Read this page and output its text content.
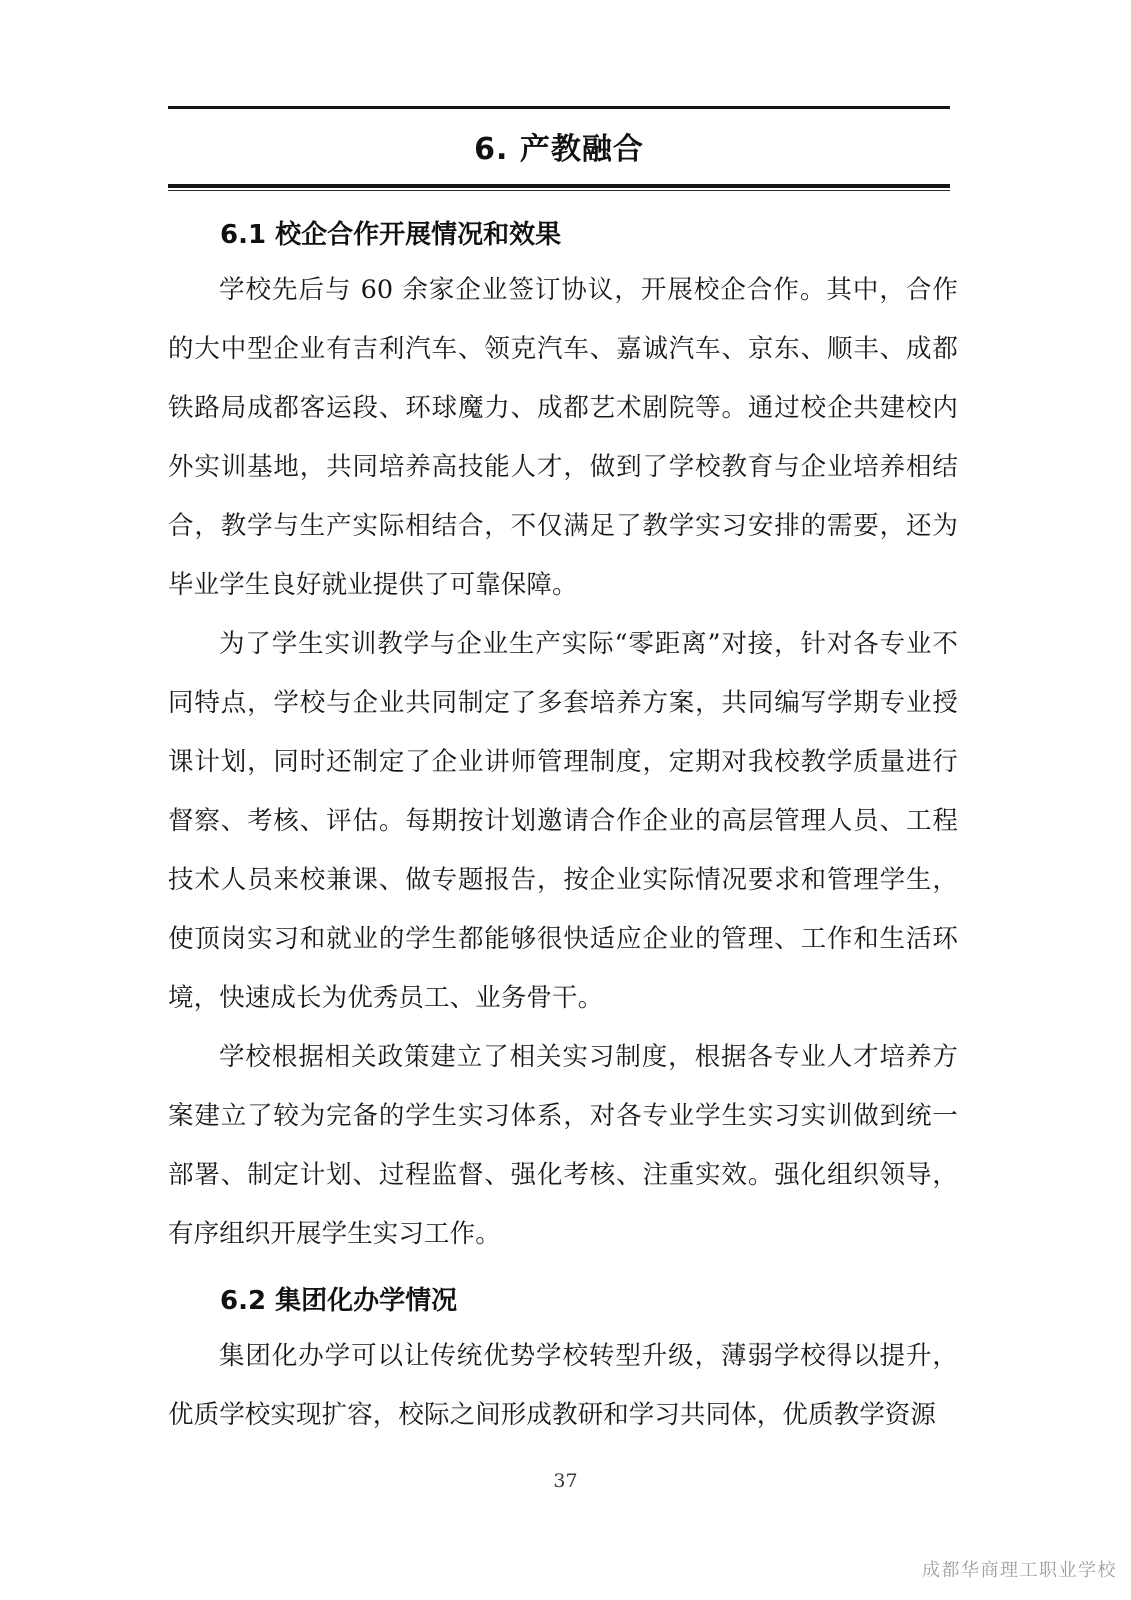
6. 产教融合
6.1 校企合作开展情况和效果

学校先后与 60 余家企业签订协议，开展校企合作。其中，合作的大中型企业有吉利汽车、领克汽车、嘉诚汽车、京东、顺丰、成都铁路局成都客运段、环球魔力、成都艺术剧院等。通过校企共建校内外实训基地，共同培养高技能人才，做到了学校教育与企业培养相结合，教学与生产实际相结合，不仅满足了教学实习安排的需要，还为毕业学生良好就业提供了可靠保障。

为了学生实训教学与企业生产实际“零距离”对接，针对各专业不同特点，学校与企业共同制定了多套培养方案，共同编写学期专业授课计划，同时还制定了企业讲师管理制度，定期对我校教学质量进行督察、考核、评估。每期按计划邀请合作企业的高层管理人员、工程技术人员来校兼课、做专题报告，按企业实际情况要求和管理学生，使顶岗实习和就业的学生都能够很快适应企业的管理、工作和生活环境，快速成长为优秀员工、业务骨干。

学校根据相关政策建立了相关实习制度，根据各专业人才培养方案建立了较为完备的学生实习体系，对各专业学生实习实训做到统一部署、制定计划、过程监督、强化考核、注重实效。强化组织领导，有序组织开展学生实习工作。

6.2 集团化办学情况

集团化办学可以让传统优势学校转型升级，薄弱学校得以提升，优质学校实现扩容，校际之间形成教研和学习共同体，优质教学资源

37
成都华商理工职业学校
